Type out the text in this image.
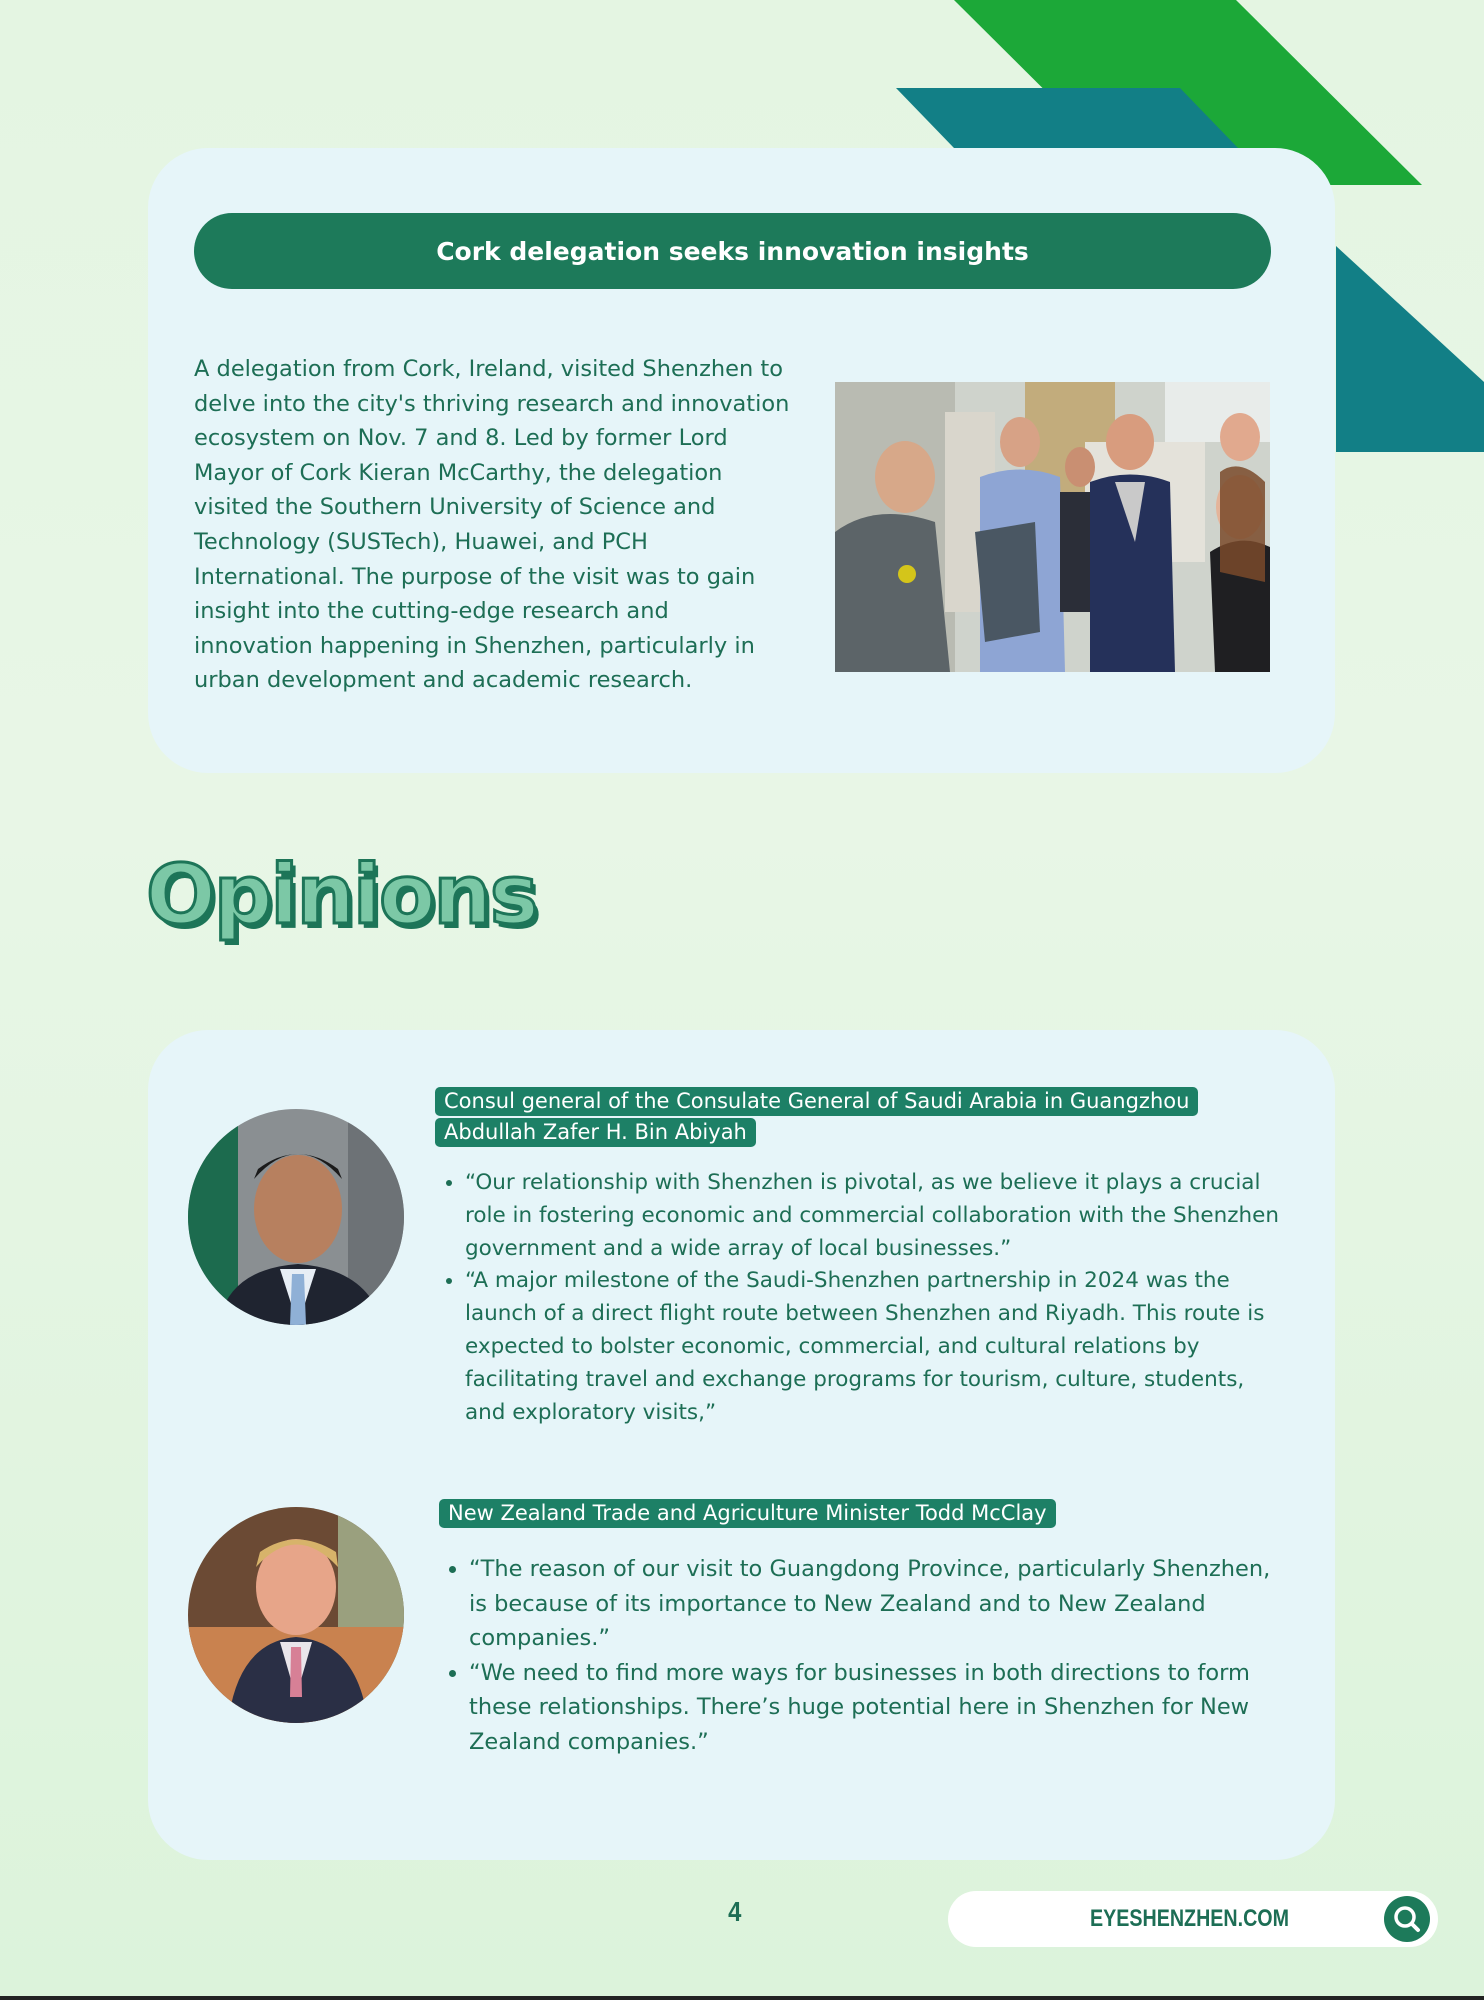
Cork delegation seeks innovation insights
A delegation from Cork, Ireland, visited Shenzhen to delve into the city's thriving research and innovation ecosystem on Nov. 7 and 8. Led by former Lord Mayor of Cork Kieran McCarthy, the delegation visited the Southern University of Science and Technology (SUSTech), Huawei, and PCH International. The purpose of the visit was to gain insight into the cutting-edge research and innovation happening in Shenzhen, particularly in urban development and academic research.
Opinions
Consul general of the Consulate General of Saudi Arabia in Guangzhou
Abdullah Zafer H. Bin Abiyah
• “Our relationship with Shenzhen is pivotal, as we believe it plays a crucial role in fostering economic and commercial collaboration with the Shenzhen government and a wide array of local businesses.”
• “A major milestone of the Saudi-Shenzhen partnership in 2024 was the launch of a direct flight route between Shenzhen and Riyadh. This route is expected to bolster economic, commercial, and cultural relations by facilitating travel and exchange programs for tourism, culture, students, and exploratory visits,”
New Zealand Trade and Agriculture Minister Todd McClay
• “The reason of our visit to Guangdong Province, particularly Shenzhen, is because of its importance to New Zealand and to New Zealand companies.”
• “We need to find more ways for businesses in both directions to form these relationships. There’s huge potential here in Shenzhen for New Zealand companies.”
4	EYESHENZHEN.COM
